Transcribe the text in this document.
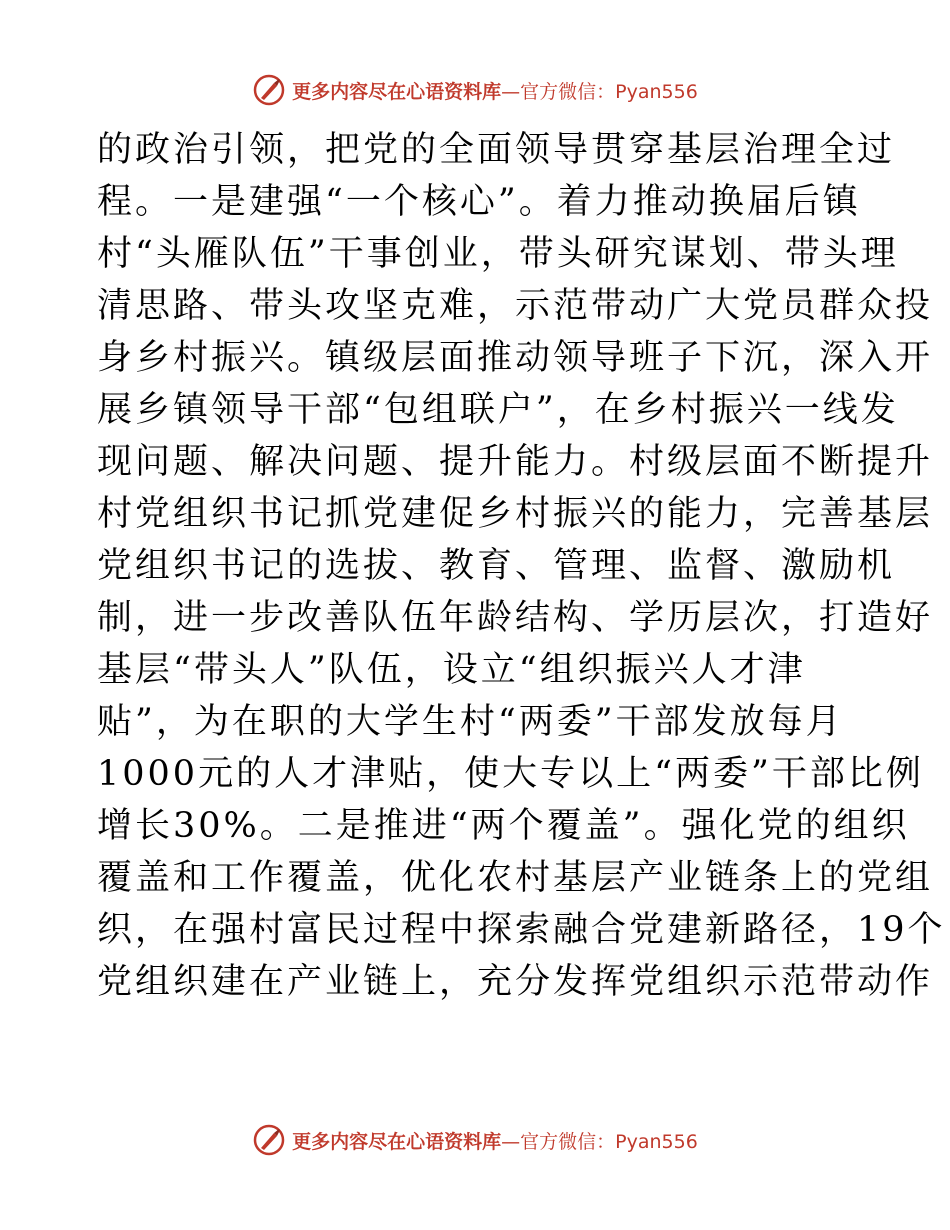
更多内容尽在心语资料库 —官方微信：Pyan556
的政治引领，把党的全面领导贯穿基层治理全过
程。一是建强“一个核心”。着力推动换届后镇
村“头雁队伍”干事创业，带头研究谋划、带头理
清思路、带头攻坚克难，示范带动广大党员群众投
身乡村振兴。镇级层面推动领导班子下沉，深入开
展乡镇领导干部“包组联户”，在乡村振兴一线发
现问题、解决问题、提升能力。村级层面不断提升
村党组织书记抓党建促乡村振兴的能力，完善基层
党组织书记的选拔、教育、管理、监督、激励机
制，进一步改善队伍年龄结构、学历层次，打造好
基层“带头人”队伍，设立“组织振兴人才津
贴”，为在职的大学生村“两委”干部发放每月
1000元的人才津贴，使大专以上“两委”干部比例
增长30%。二是推进“两个覆盖”。强化党的组织
覆盖和工作覆盖，优化农村基层产业链条上的党组
织，在强村富民过程中探索融合党建新路径，19个
党组织建在产业链上，充分发挥党组织示范带动作
更多内容尽在心语资料库 —官方微信：Pyan556
